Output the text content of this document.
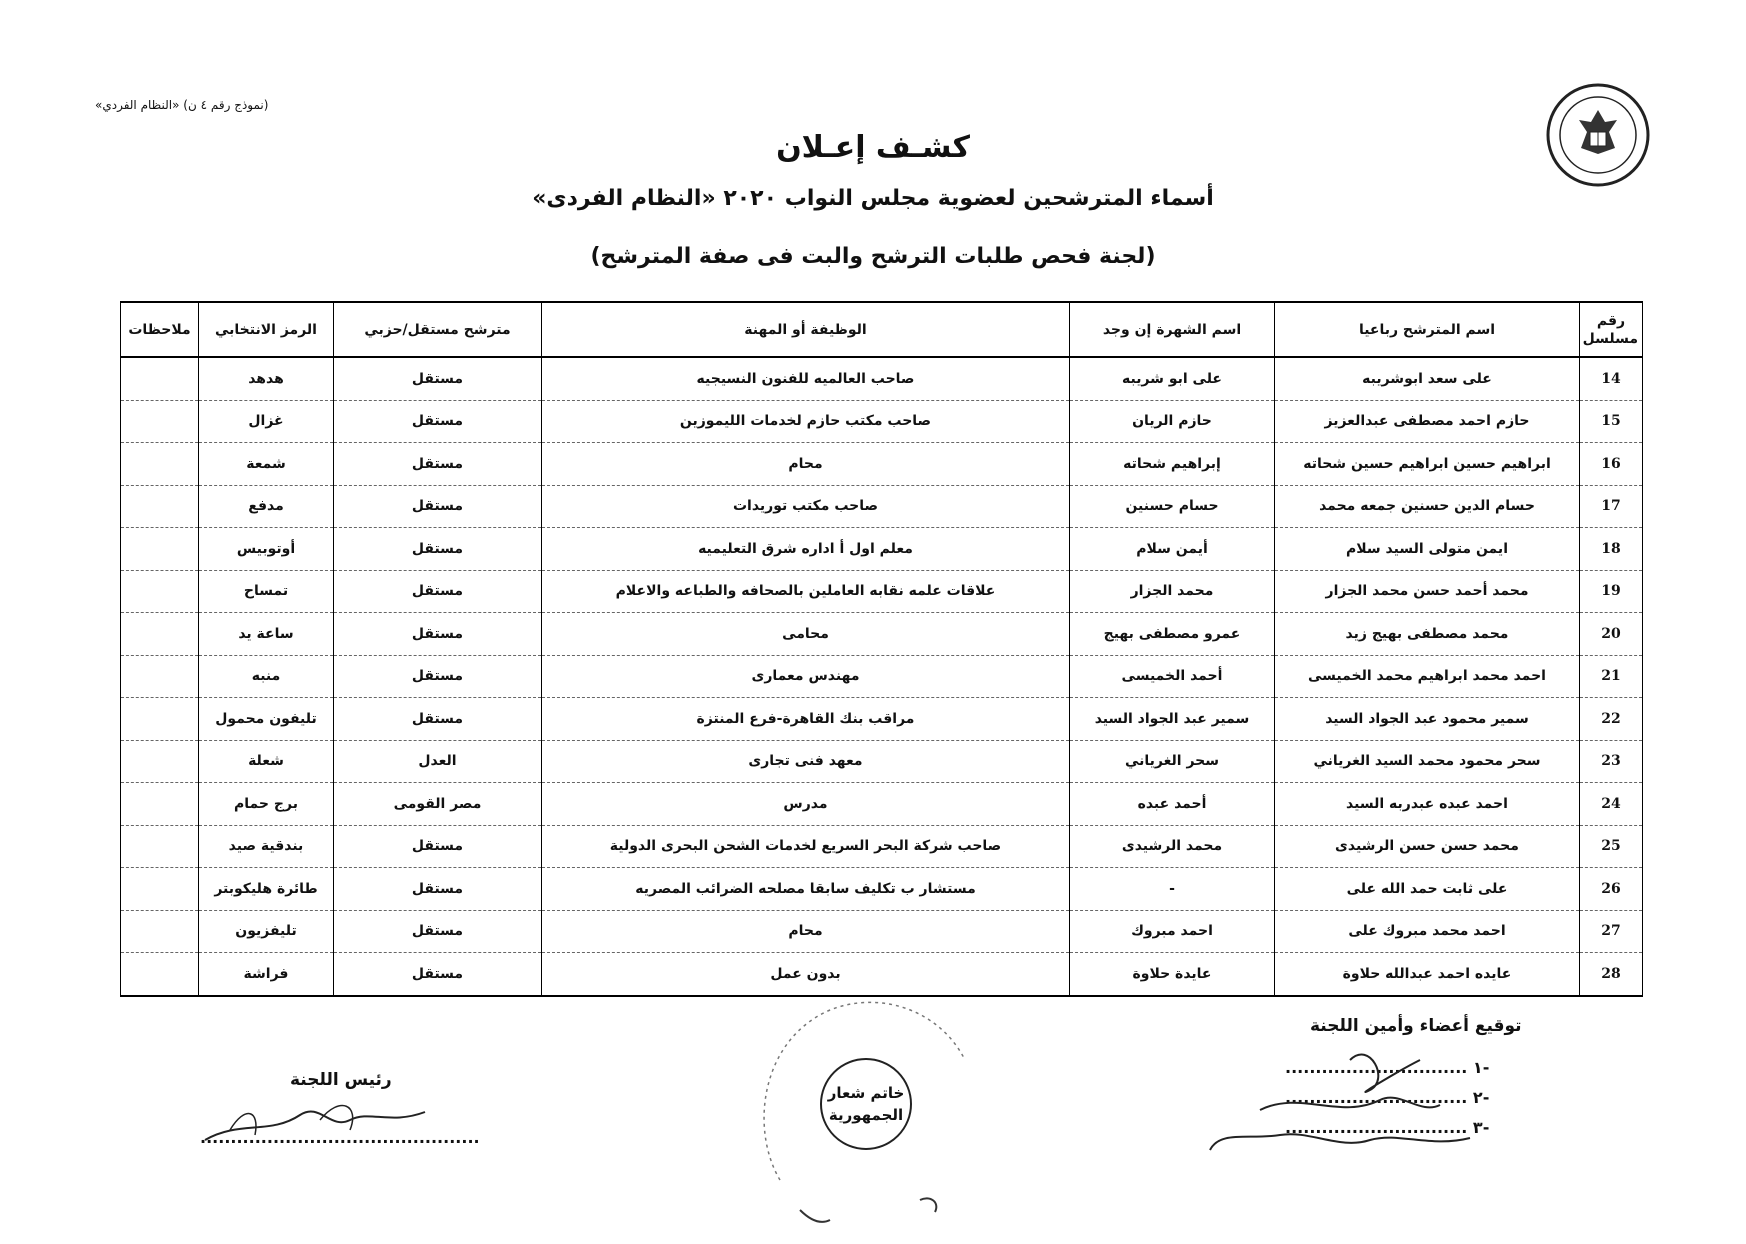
(نموذج رقم ٤ ن) «النظام الفردي»
كشـف إعـلان
أسماء المترشحين لعضوية مجلس النواب ٢٠٢٠ «النظام الفردى»
(لجنة فحص طلبات الترشح والبت فى صفة المترشح)
رقم مسلسل	اسم المترشح رباعيا	اسم الشهرة إن وجد	الوظيفة أو المهنة	مترشح مستقل/حزبي	الرمز الانتخابي	ملاحظات
14	على سعد ابوشريبه	على ابو شريبه	صاحب العالميه للفنون النسيجيه	مستقل	هدهد	
15	حازم احمد مصطفى عبدالعزيز	حازم الريان	صاحب مكتب حازم لخدمات الليموزين	مستقل	غزال	
16	ابراهيم حسين ابراهيم حسين شحاته	إبراهيم شحاته	محام	مستقل	شمعة	
17	حسام الدين حسنين جمعه محمد	حسام حسنين	صاحب مكتب توريدات	مستقل	مدفع	
18	ايمن متولى السيد سلام	أيمن سلام	معلم اول أ اداره شرق التعليميه	مستقل	أوتوبيس	
19	محمد أحمد حسن محمد الجزار	محمد الجزار	علاقات علمه نقابه العاملين بالصحافه والطباعه والاعلام	مستقل	تمساح	
20	محمد مصطفى بهيج زيد	عمرو مصطفى بهيج	محامى	مستقل	ساعة يد	
21	احمد محمد ابراهيم محمد الخميسى	أحمد الخميسى	مهندس معمارى	مستقل	منبه	
22	سمير محمود عبد الجواد السيد	سمير عبد الجواد السيد	مراقب بنك القاهرة-فرع المنتزة	مستقل	تليفون محمول	
23	سحر محمود محمد السيد الغرياني	سحر الغرياني	معهد فنى تجارى	العدل	شعلة	
24	احمد عبده عبدربه السيد	أحمد عبده	مدرس	مصر القومى	برج حمام	
25	محمد حسن حسن الرشيدى	محمد الرشيدى	صاحب شركة البحر السريع لخدمات الشحن البحرى الدولية	مستقل	بندقية صيد	
26	على ثابت حمد الله على	-	مستشار ب تكليف سابقا مصلحه الضرائب المصريه	مستقل	طائرة هليكوبتر	
27	احمد محمد مبروك على	احمد مبروك	محام	مستقل	تليفزيون	
28	عايده احمد عبدالله حلاوة	عايدة حلاوة	بدون عمل	مستقل	فراشة	
توقيع أعضاء وأمين اللجنة
-١ ..............................
-٢ ..............................
-٣ ..............................
خاتم شعار
الجمهورية
رئيس اللجنة
..............................................
